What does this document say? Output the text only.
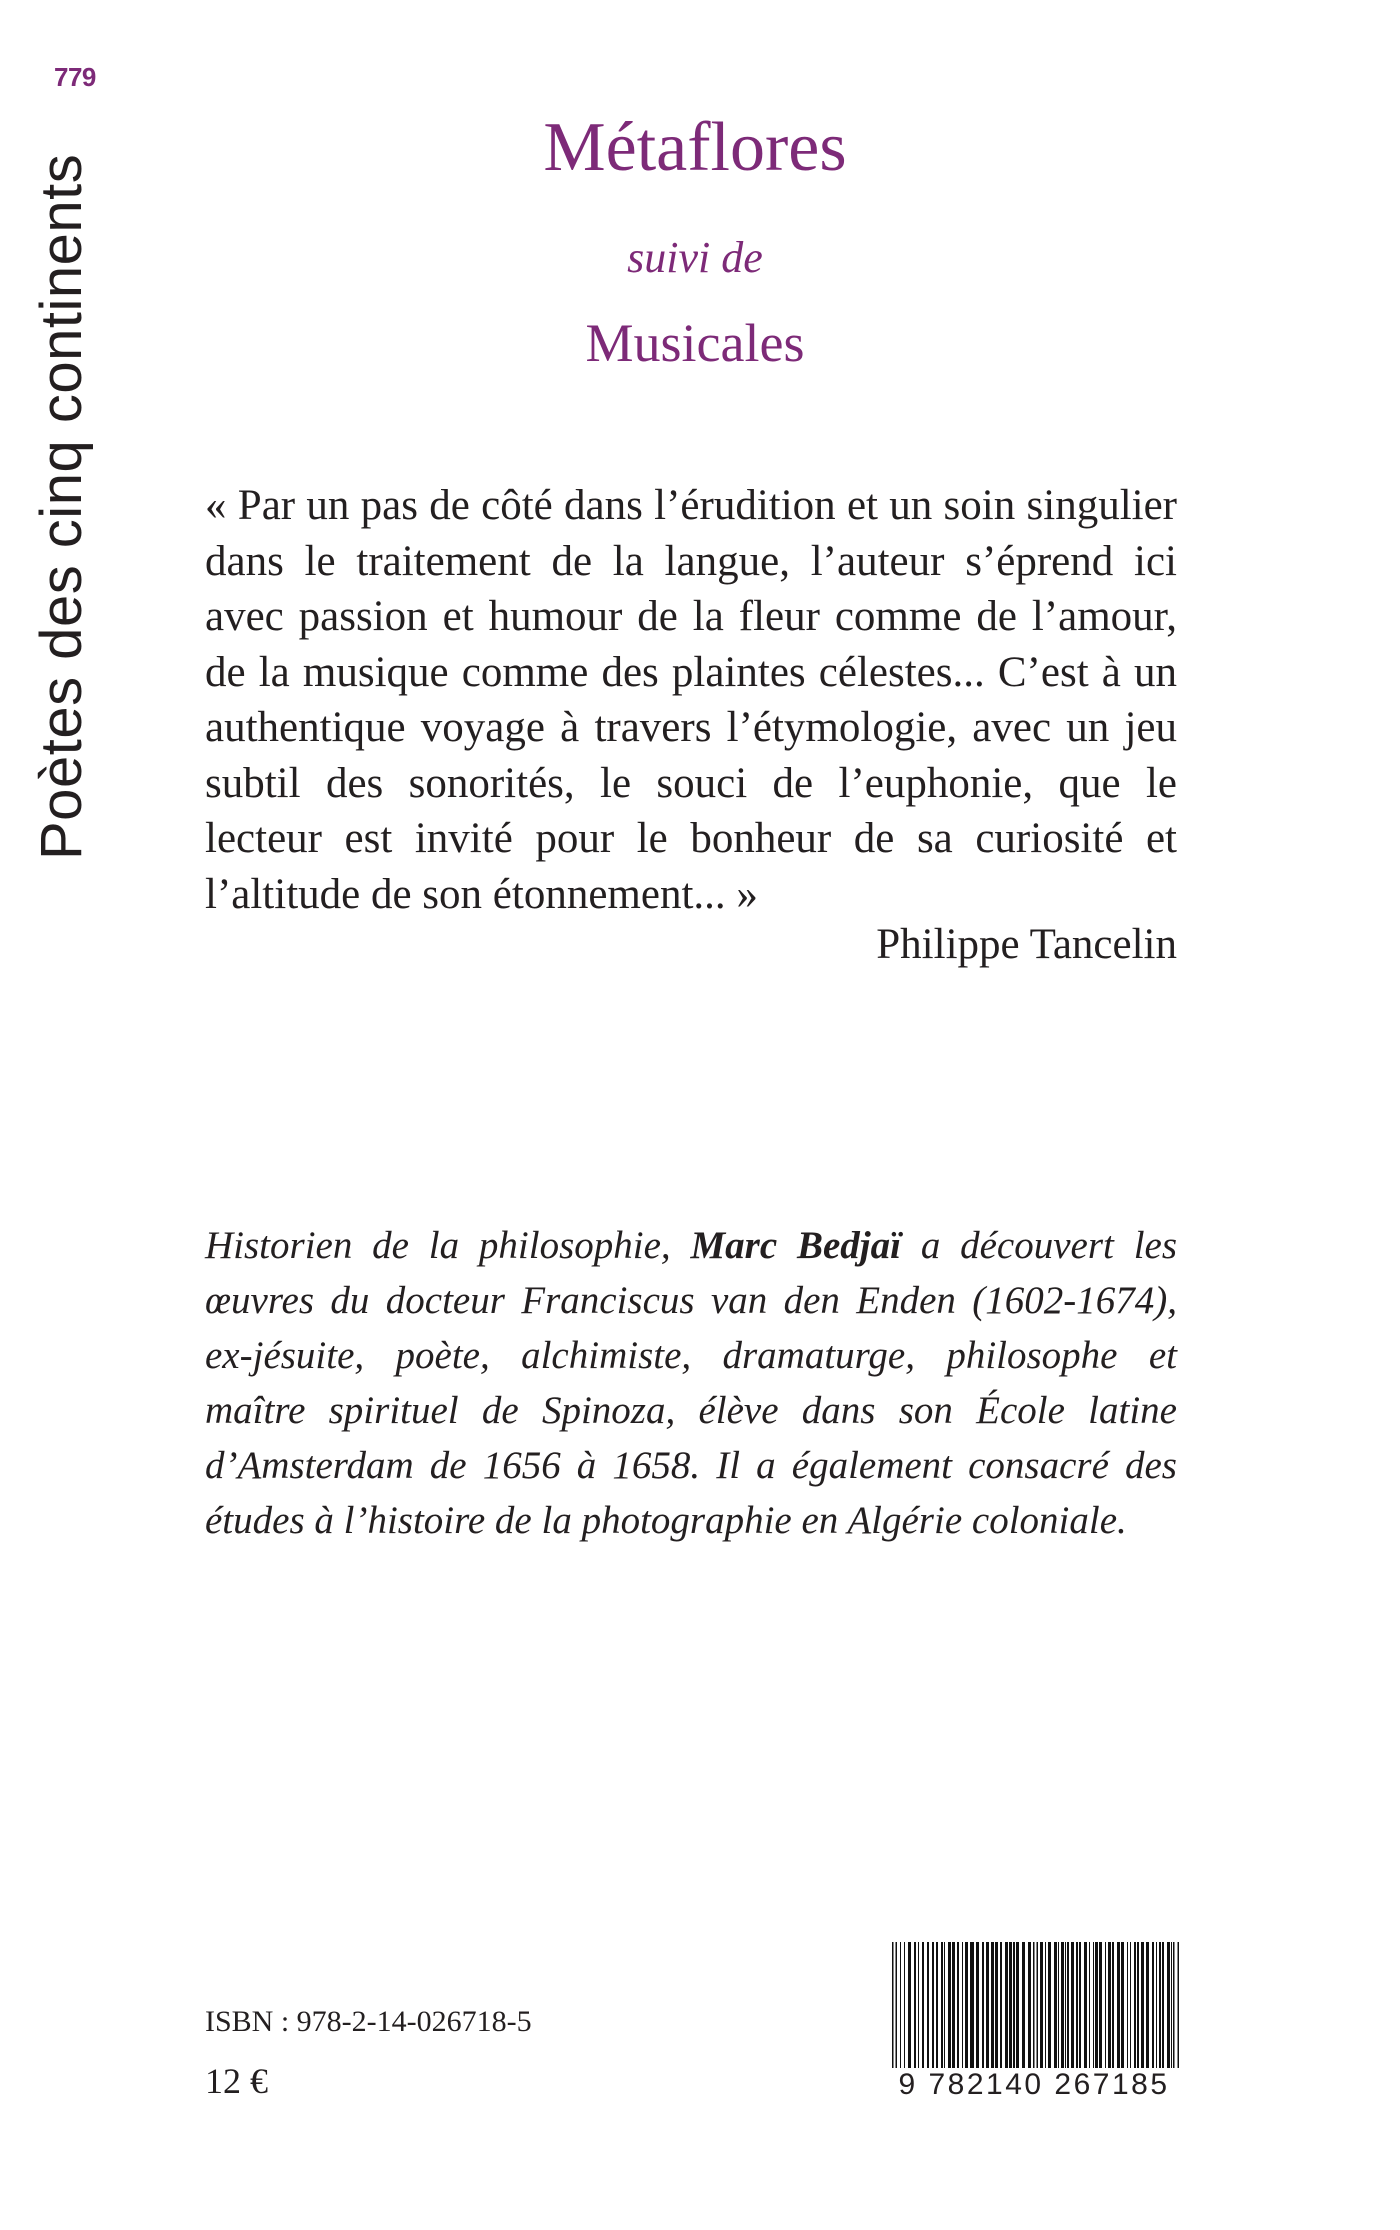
779
Poètes des cinq continents
Métaflores
suivi de
Musicales
« Par un pas de côté dans l’érudition et un soin singulier dans le traitement de la langue, l’auteur s’éprend ici avec passion et humour de la fleur comme de l’amour, de la musique comme des plaintes célestes... C’est à un authentique voyage à travers l’étymologie, avec un jeu subtil des sonorités, le souci de l’euphonie, que le lecteur est invité pour le bonheur de sa curiosité et l’altitude de son étonnement... »
Philippe Tancelin
Historien de la philosophie, Marc Bedjaï a découvert les œuvres du docteur Franciscus van den Enden (1602-1674), ex-jésuite, poète, alchimiste, dramaturge, philosophe et maître spirituel de Spinoza, élève dans son École latine d’Amsterdam de 1656 à 1658. Il a également consacré des études à l’histoire de la photographie en Algérie coloniale.
ISBN : 978-2-14-026718-5
12 €	9 782140 267185
